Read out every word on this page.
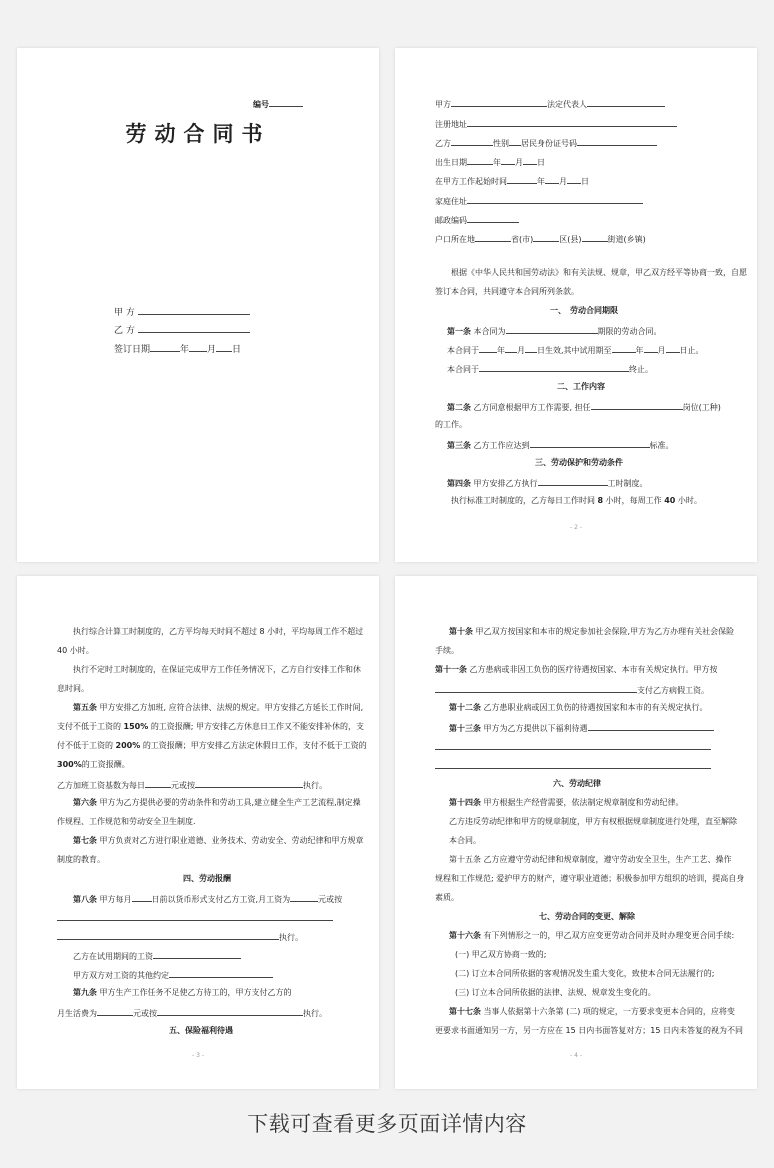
编号
劳动合同书
甲 方
乙 方
签订日期	年 月 日
甲方	法定代表人
注册地址
乙方	性别 居民身份证号码
出生日期	年 月 日
在甲方工作起始时间	年 月 日
家庭住址
邮政编码
户口所在地	省(市)	区(县)	街道(乡镇)
根据《中华人民共和国劳动法》和有关法规、规章，甲乙双方经平等协商一致，自愿
签订本合同，共同遵守本合同所列条款。
一、　劳动合同期限
第一条 本合同为	期限的劳动合同。
本合同于 年 月 日生效,其中试用期至	年 月 日止。
本合同于	终止。
二、工作内容
第二条 乙方同意根据甲方工作需要, 担任	岗位(工种)
的工作。
第三条 乙方工作应达到	标准。
三、劳动保护和劳动条件
第四条 甲方安排乙方执行	工时制度。
执行标准工时制度的，乙方每日工作时间 8 小时，每周工作 40 小时。
- 2 -
执行综合计算工时制度的，乙方平均每天时间不超过 8 小时，平均每周工作不超过
40 小时。
执行不定时工时制度的，在保证完成甲方工作任务情况下，乙方自行安排工作和休
息时间。
第五条 甲方安排乙方加班, 应符合法律、法规的规定。甲方安排乙方延长工作时间,
支付不低于工资的 150% 的工资报酬; 甲方安排乙方休息日工作又不能安排补休的，支
付不低于工资的 200% 的工资报酬；甲方安排乙方法定休假日工作，支付不低于工资的
300%的工资报酬。
乙方加班工资基数为每日	元或按	执行。
第六条 甲方为乙方提供必要的劳动条件和劳动工具,建立健全生产工艺流程,制定操
作规程、工作规范和劳动安全卫生制度.
第七条 甲方负责对乙方进行职业道德、业务技术、劳动安全、劳动纪律和甲方规章
制度的教育。
四、劳动报酬
第八条 甲方每月	日前以货币形式支付乙方工资,月工资为	元或按
执行。
乙方在试用期间的工资
甲方双方对工资的其他约定
第九条 甲方生产工作任务不足使乙方待工的，甲方支付乙方的
月生活费为	元或按	执行。
五、保险福利待遇
- 3 -
第十条 甲乙双方按国家和本市的规定参加社会保险,甲方为乙方办理有关社会保险
手续。
第十一条 乙方患病或非因工负伤的医疗待遇按国家、本市有关规定执行。甲方按
支付乙方病假工资。
第十二条 乙方患职业病或因工负伤的待遇按国家和本市的有关规定执行。
第十三条 甲方为乙方提供以下福利待遇
六、劳动纪律
第十四条 甲方根据生产经营需要，依法制定规章制度和劳动纪律。
乙方违反劳动纪律和甲方的规章制度，甲方有权根据规章制度进行处理，直至解除
本合同。
第十五条 乙方应遵守劳动纪律和规章制度，遵守劳动安全卫生，生产工艺、操作
规程和工作规范; 爱护甲方的财产，遵守职业道德；积极参加甲方组织的培训，提高自身
素质。
七、劳动合同的变更、解除
第十六条 有下列情形之一的，甲乙双方应变更劳动合同并及时办理变更合同手续:
(一) 甲乙双方协商一致的;
(二) 订立本合同所依据的客观情况发生重大变化，致使本合同无法履行的;
(三) 订立本合同所依据的法律、法规、规章发生变化的。
第十七条 当事人依据第十六条第 (二) 项的规定，一方要求变更本合同的，应将变
更要求书面通知另一方，另一方应在 15 日内书面答复对方；15 日内未答复的视为不同
- 4 -
下载可查看更多页面详情内容
